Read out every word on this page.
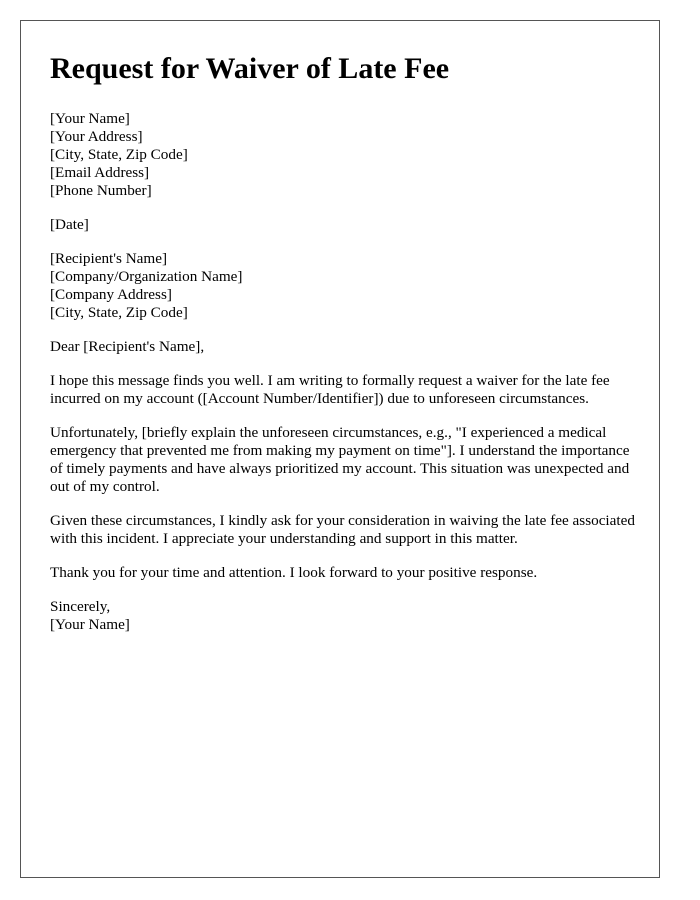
Request for Waiver of Late Fee
[Your Name]
[Your Address]
[City, State, Zip Code]
[Email Address]
[Phone Number]
[Date]
[Recipient's Name]
[Company/Organization Name]
[Company Address]
[City, State, Zip Code]

Dear [Recipient's Name],

I hope this message finds you well. I am writing to formally request a waiver for the late fee incurred on my account ([Account Number/Identifier]) due to unforeseen circumstances.

Unfortunately, [briefly explain the unforeseen circumstances, e.g., "I experienced a medical emergency that prevented me from making my payment on time"]. I understand the importance of timely payments and have always prioritized my account. This situation was unexpected and out of my control.

Given these circumstances, I kindly ask for your consideration in waiving the late fee associated with this incident. I appreciate your understanding and support in this matter.

Thank you for your time and attention. I look forward to your positive response.

Sincerely,
[Your Name]
